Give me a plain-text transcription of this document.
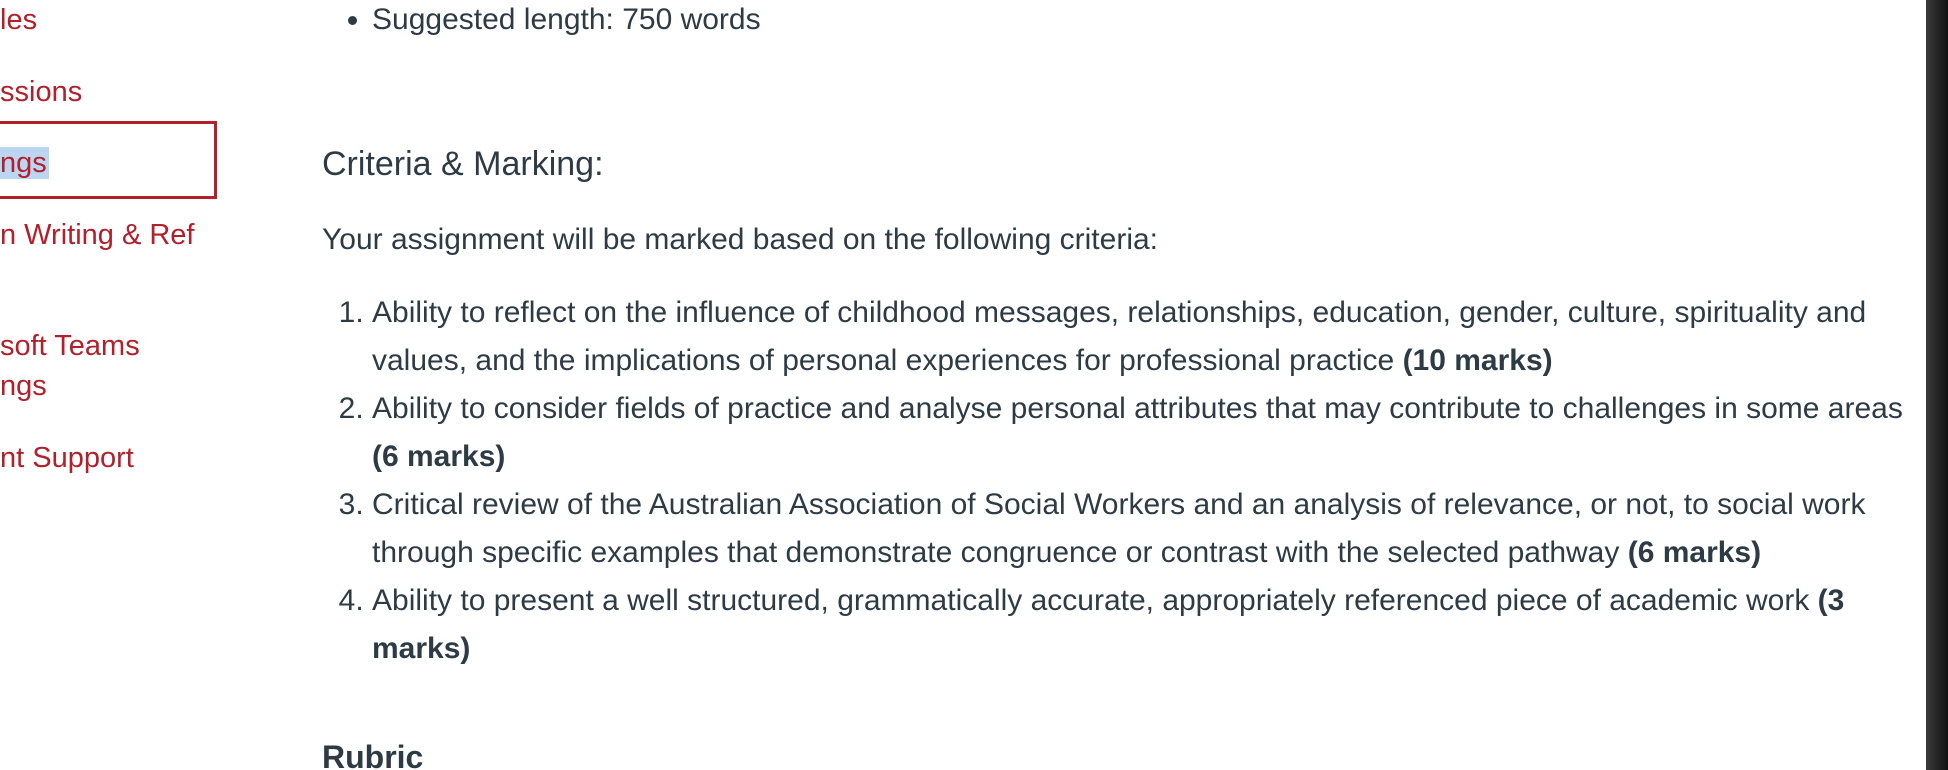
les
ssions
ngs
n Writing & Ref
soft Teams
ngs
nt Support
• Suggested length: 750 words
Criteria & Marking:

Your assignment will be marked based on the following criteria:

1. Ability to reflect on the influence of childhood messages, relationships, education, gender, culture, spirituality and values, and the implications of personal experiences for professional practice (10 marks)
2. Ability to consider fields of practice and analyse personal attributes that may contribute to challenges in some areas (6 marks)
3. Critical review of the Australian Association of Social Workers and an analysis of relevance, or not, to social work through specific examples that demonstrate congruence or contrast with the selected pathway (6 marks)
4. Ability to present a well structured, grammatically accurate, appropriately referenced piece of academic work (3 marks)
Rubric
